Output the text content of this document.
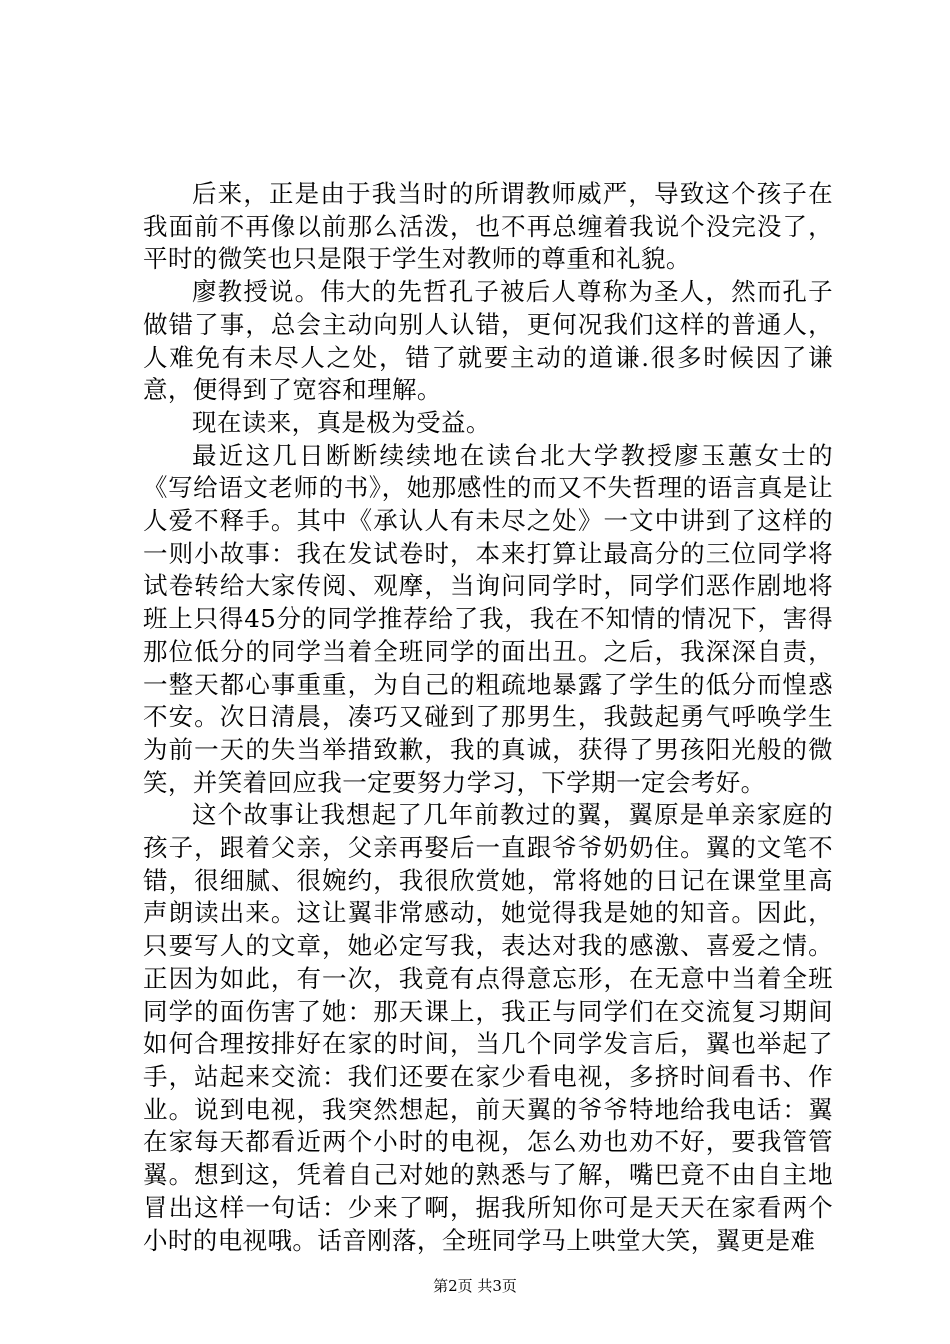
后来，正是由于我当时的所谓教师威严，导致这个孩子在我面前不再像以前那么活泼，也不再总缠着我说个没完没了，平时的微笑也只是限于学生对教师的尊重和礼貌。

廖教授说。伟大的先哲孔子被后人尊称为圣人，然而孔子做错了事，总会主动向别人认错，更何况我们这样的普通人，人难免有未尽人之处，错了就要主动的道谦.很多时候因了谦意，便得到了宽容和理解。

现在读来，真是极为受益。

最近这几日断断续续地在读台北大学教授廖玉蕙女士的《写给语文老师的书》，她那感性的而又不失哲理的语言真是让人爱不释手。其中《承认人有未尽之处》一文中讲到了这样的一则小故事：我在发试卷时，本来打算让最高分的三位同学将试卷转给大家传阅、观摩，当询问同学时，同学们恶作剧地将班上只得45分的同学推荐给了我，我在不知情的情况下，害得那位低分的同学当着全班同学的面出丑。之后，我深深自责，一整天都心事重重，为自己的粗疏地暴露了学生的低分而惶惑不安。次日清晨，凑巧又碰到了那男生，我鼓起勇气呼唤学生为前一天的失当举措致歉，我的真诚，获得了男孩阳光般的微笑，并笑着回应我一定要努力学习，下学期一定会考好。

这个故事让我想起了几年前教过的翼，翼原是单亲家庭的孩子，跟着父亲，父亲再娶后一直跟爷爷奶奶住。翼的文笔不错，很细腻、很婉约，我很欣赏她，常将她的日记在课堂里高声朗读出来。这让翼非常感动，她觉得我是她的知音。因此，只要写人的文章，她必定写我，表达对我的感激、喜爱之情。正因为如此，有一次，我竟有点得意忘形，在无意中当着全班同学的面伤害了她：那天课上，我正与同学们在交流复习期间如何合理按排好在家的时间，当几个同学发言后，翼也举起了手，站起来交流：我们还要在家少看电视，多挤时间看书、作业。说到电视，我突然想起，前天翼的爷爷特地给我电话：翼在家每天都看近两个小时的电视，怎么劝也劝不好，要我管管翼。想到这，凭着自己对她的熟悉与了解，嘴巴竟不由自主地冒出这样一句话：少来了啊，据我所知你可是天天在家看两个小时的电视哦。话音刚落，全班同学马上哄堂大笑，翼更是难

第2页 共3页
